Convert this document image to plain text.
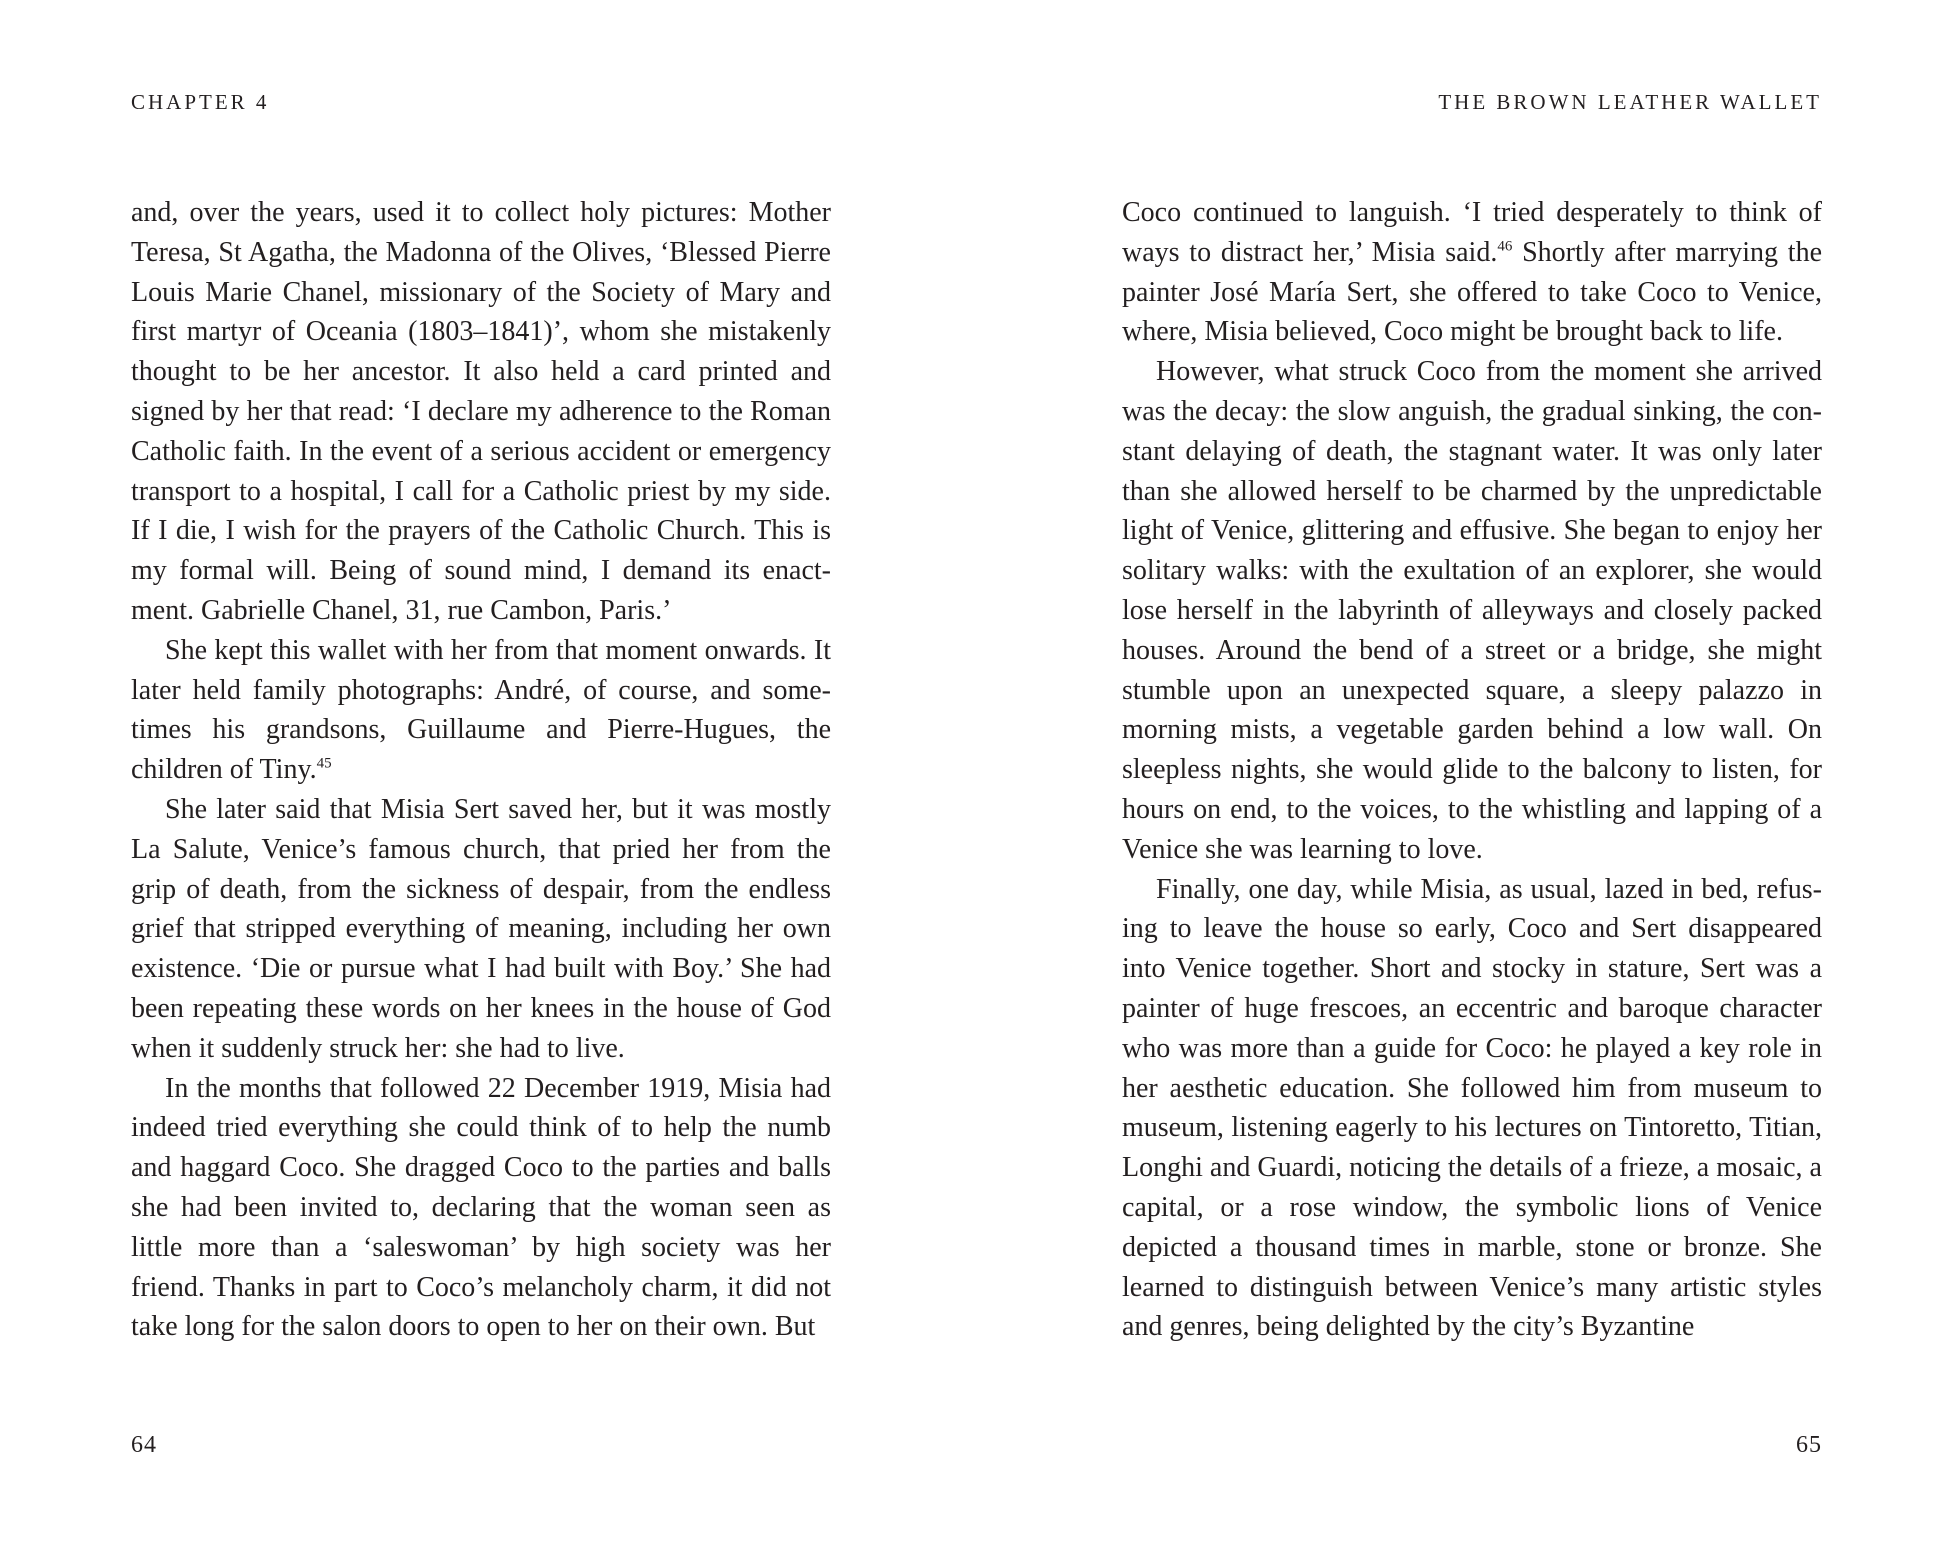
CHAPTER 4

and, over the years, used it to collect holy pictures: Mother Teresa, St Agatha, the Madonna of the Olives, ‘Blessed Pierre Louis Marie Chanel, missionary of the Society of Mary and first martyr of Oceania (1803–1841)’, whom she mistakenly thought to be her ancestor. It also held a card printed and signed by her that read: ‘I declare my adherence to the Roman Catholic faith. In the event of a serious accident or emergency transport to a hospital, I call for a Catholic priest by my side. If I die, I wish for the prayers of the Catholic Church. This is my formal will. Being of sound mind, I demand its enact-ment. Gabrielle Chanel, 31, rue Cambon, Paris.’

She kept this wallet with her from that moment onwards. It later held family photographs: André, of course, and some-times his grandsons, Guillaume and Pierre-Hugues, the children of Tiny.$^{45}$

She later said that Misia Sert saved her, but it was mostly La Salute, Venice’s famous church, that pried her from the grip of death, from the sickness of despair, from the endless grief that stripped everything of meaning, including her own existence. ‘Die or pursue what I had built with Boy.’ She had been repeating these words on her knees in the house of God when it suddenly struck her: she had to live.

In the months that followed 22 December 1919, Misia had indeed tried everything she could think of to help the numb and haggard Coco. She dragged Coco to the parties and balls she had been invited to, declaring that the woman seen as little more than a ‘saleswoman’ by high society was her friend. Thanks in part to Coco’s melancholy charm, it did not take long for the salon doors to open to her on their own. But

64
THE BROWN LEATHER WALLET

Coco continued to languish. ‘I tried desperately to think of ways to distract her,’ Misia said.$^{46}$ Shortly after marrying the painter José María Sert, she offered to take Coco to Venice, where, Misia believed, Coco might be brought back to life.

However, what struck Coco from the moment she arrived was the decay: the slow anguish, the gradual sinking, the con-stant delaying of death, the stagnant water. It was only later than she allowed herself to be charmed by the unpredictable light of Venice, glittering and effusive. She began to enjoy her solitary walks: with the exultation of an explorer, she would lose herself in the labyrinth of alleyways and closely packed houses. Around the bend of a street or a bridge, she might stumble upon an unexpected square, a sleepy palazzo in morning mists, a vegetable garden behind a low wall. On sleepless nights, she would glide to the balcony to listen, for hours on end, to the voices, to the whistling and lapping of a Venice she was learning to love.

Finally, one day, while Misia, as usual, lazed in bed, refus-ing to leave the house so early, Coco and Sert disappeared into Venice together. Short and stocky in stature, Sert was a painter of huge frescoes, an eccentric and baroque character who was more than a guide for Coco: he played a key role in her aesthetic education. She followed him from museum to museum, listening eagerly to his lectures on Tintoretto, Titian, Longhi and Guardi, noticing the details of a frieze, a mosaic, a capital, or a rose window, the symbolic lions of Venice depicted a thousand times in marble, stone or bronze. She learned to distinguish between Venice’s many artistic styles and genres, being delighted by the city’s Byzantine

65
